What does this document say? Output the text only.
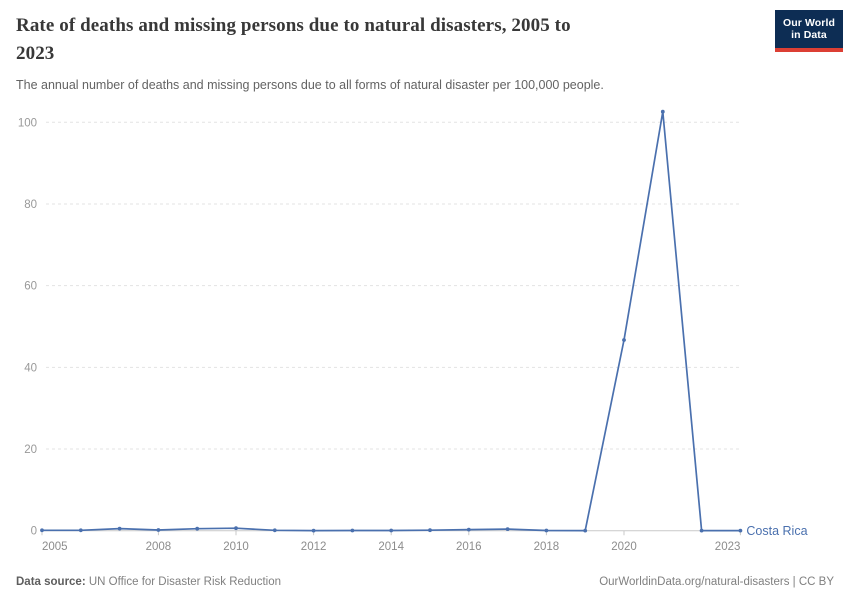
Rate of deaths and missing persons due to natural disasters, 2005 to
2023
The annual number of deaths and missing persons due to all forms of natural disaster per 100,000 people.
Our World
in Data
0
20
40
60
80
100
2005	2008	2010	2012	2014	2016	2018	2020	2023
Costa Rica
Data source: UN Office for Disaster Risk Reduction	OurWorldinData.org/natural-disasters | CC BY
